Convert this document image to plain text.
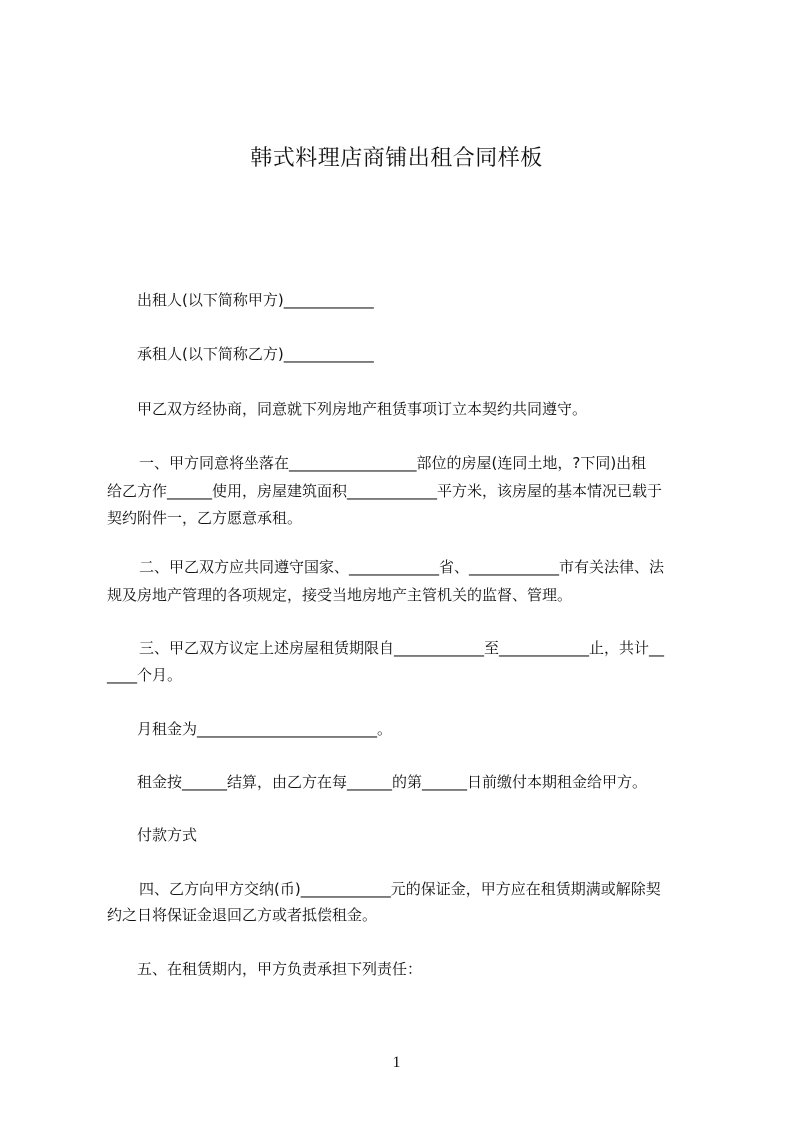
韩式料理店商铺出租合同样板
出租人(以下简称甲方)____________
承租人(以下简称乙方)____________
甲乙双方经协商，同意就下列房地产租赁事项订立本契约共同遵守。
一、甲方同意将坐落在_________________部位的房屋(连同土地，?下同)出租
给乙方作______使用，房屋建筑面积____________平方米，该房屋的基本情况已载于
契约附件一，乙方愿意承租。
二、甲乙双方应共同遵守国家、____________省、____________市有关法律、法
规及房地产管理的各项规定，接受当地房地产主管机关的监督、管理。
三、甲乙双方议定上述房屋租赁期限自____________至____________止，共计__
____个月。
月租金为________________________。
租金按______结算，由乙方在每______的第______日前缴付本期租金给甲方。
付款方式
四、乙方向甲方交纳(币)____________元的保证金，甲方应在租赁期满或解除契
约之日将保证金退回乙方或者抵偿租金。
五、在租赁期内，甲方负责承担下列责任：
1
